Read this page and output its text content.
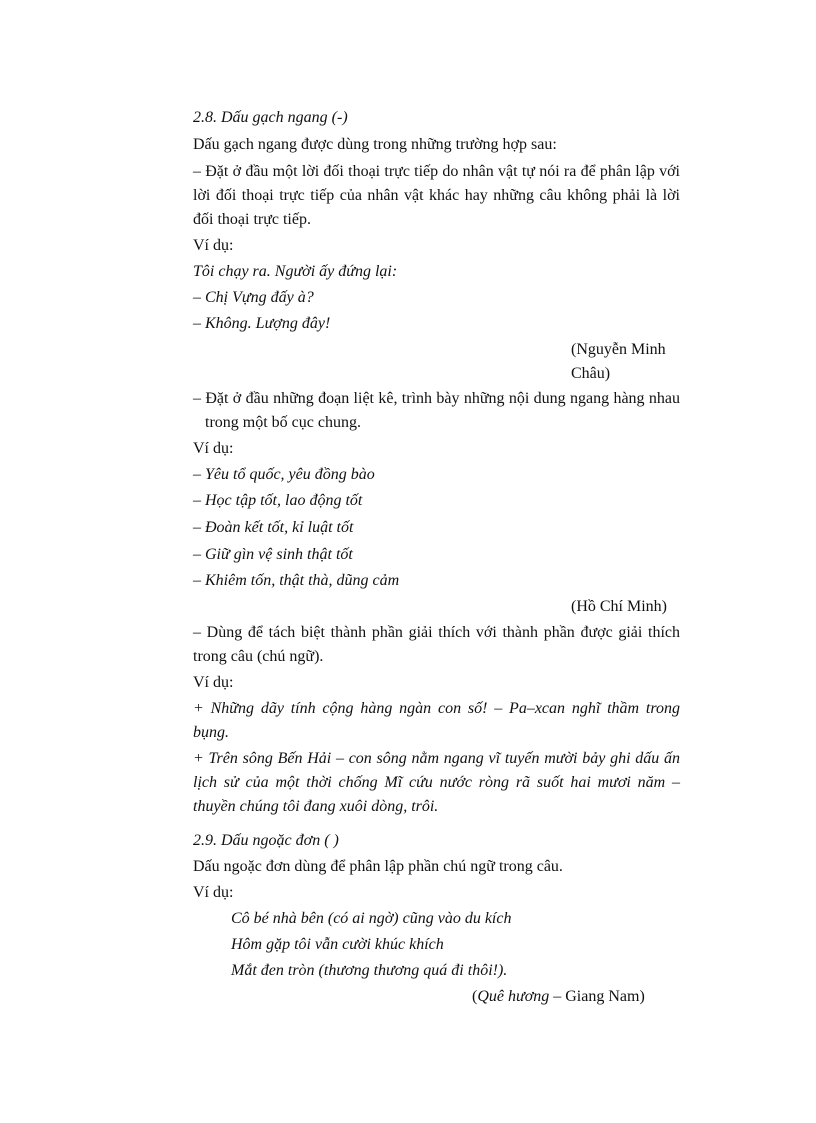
2.8. Dấu gạch ngang (-)
Dấu gạch ngang được dùng trong những trường hợp sau:
– Đặt ở đầu một lời đối thoại trực tiếp do nhân vật tự nói ra để phân lập với
lời đối thoại trực tiếp của nhân vật khác hay những câu không phải là lời
đối thoại trực tiếp.
Ví dụ:
Tôi chạy ra. Người ấy đứng lại:
– Chị Vựng đấy à?
– Không. Lượng đây!
(Nguyễn Minh
Châu)
– Đặt ở đầu những đoạn liệt kê, trình bày những nội dung ngang hàng nhau
trong một bố cục chung.
Ví dụ:
– Yêu tổ quốc, yêu đồng bào
– Học tập tốt, lao động tốt
– Đoàn kết tốt, kỉ luật tốt
– Giữ gìn vệ sinh thật tốt
– Khiêm tốn, thật thà, dũng cảm
(Hồ Chí Minh)
– Dùng để tách biệt thành phần giải thích với thành phần được giải thích
trong câu (chú ngữ).
Ví dụ:
+ Những dãy tính cộng hàng ngàn con số! – Pa–xcan nghĩ thầm trong
bụng.
+ Trên sông Bến Hải – con sông nằm ngang vĩ tuyến mười bảy ghi dấu ấn
lịch sử của một thời chống Mĩ cứu nước ròng rã suốt hai mươi năm –
thuyền chúng tôi đang xuôi dòng, trôi.
2.9. Dấu ngoặc đơn ( )
Dấu ngoặc đơn dùng để phân lập phần chú ngữ trong câu.
Ví dụ:
Cô bé nhà bên (có ai ngờ) cũng vào du kích
Hôm gặp tôi vẫn cười khúc khích
Mắt đen tròn (thương thương quá đi thôi!).
(Quê hương – Giang Nam)
